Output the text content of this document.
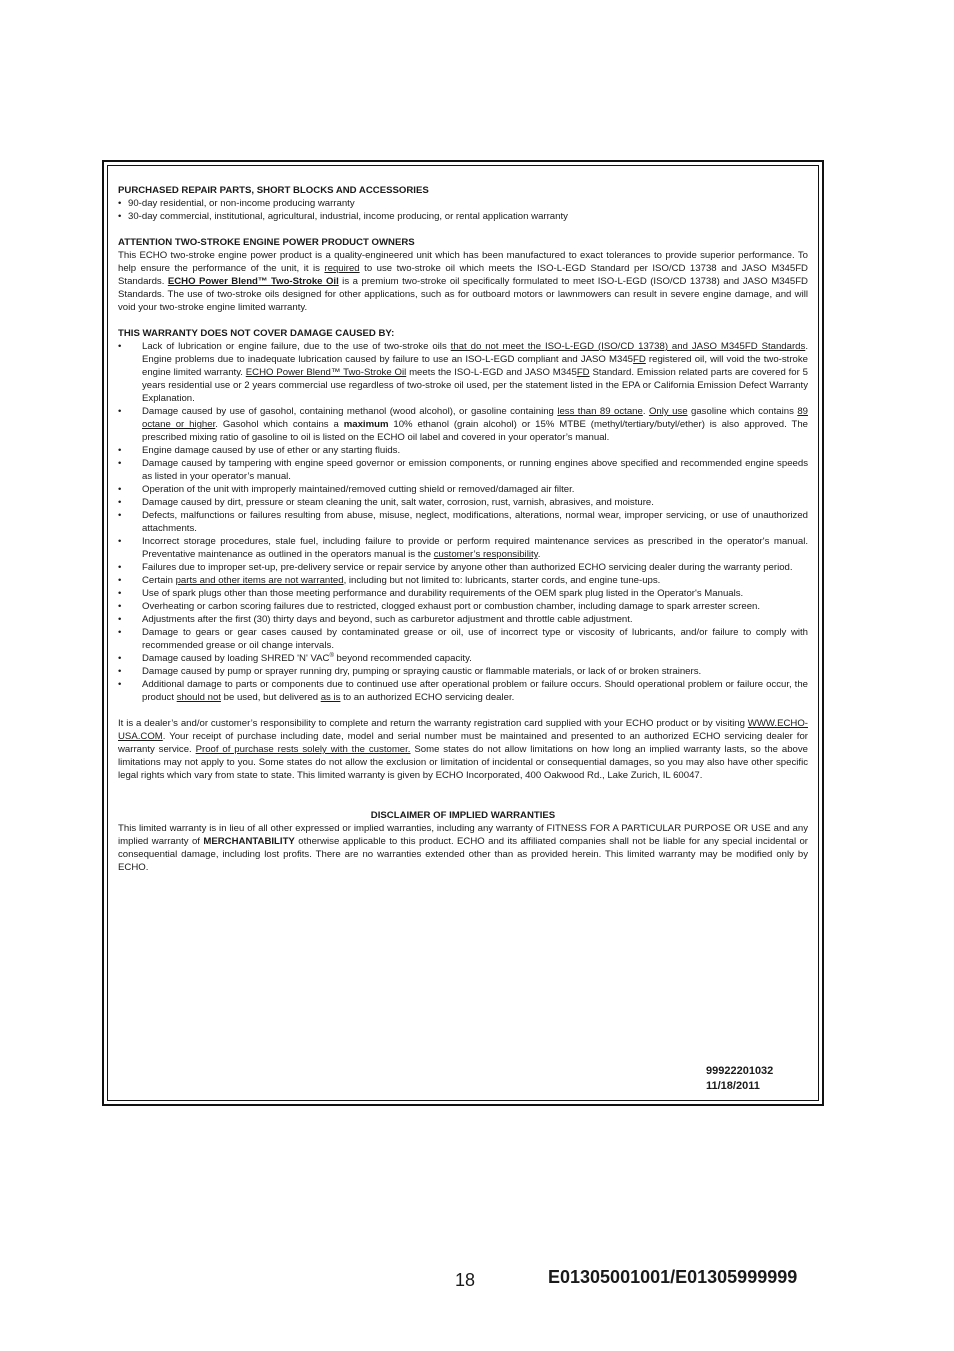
PURCHASED REPAIR PARTS, SHORT BLOCKS AND ACCESSORIES
• 90-day residential, or non-income producing warranty
• 30-day commercial, institutional, agricultural, industrial, income producing, or rental application warranty
ATTENTION TWO-STROKE ENGINE POWER PRODUCT OWNERS

This ECHO two-stroke engine power product is a quality-engineered unit which has been manufactured to exact tolerances to provide superior performance. To help ensure the performance of the unit, it is required to use two-stroke oil which meets the ISO-L-EGD Standard per ISO/CD 13738 and JASO M345FD Standards. ECHO Power Blend™ Two-Stroke Oil is a premium two-stroke oil specifically formulated to meet ISO-L-EGD (ISO/CD 13738) and JASO M345FD Standards. The use of two-stroke oils designed for other applications, such as for outboard motors or lawnmowers can result in severe engine damage, and will void your two-stroke engine limited warranty.

THIS WARRANTY DOES NOT COVER DAMAGE CAUSED BY:
• Lack of lubrication or engine failure, due to the use of two-stroke oils that do not meet the ISO-L-EGD (ISO/CD 13738) and JASO M345FD Standards. Engine problems due to inadequate lubrication caused by failure to use an ISO-L-EGD compliant and JASO M345FD registered oil, will void the two-stroke engine limited warranty. ECHO Power Blend™ Two-Stroke Oil meets the ISO-L-EGD and JASO M345FD Standard. Emission related parts are covered for 5 years residential use or 2 years commercial use regardless of two-stroke oil used, per the statement listed in the EPA or California Emission Defect Warranty Explanation.
• Damage caused by use of gasohol, containing methanol (wood alcohol), or gasoline containing less than 89 octane. Only use gasoline which contains 89 octane or higher. Gasohol which contains a maximum 10% ethanol (grain alcohol) or 15% MTBE (methyl/tertiary/butyl/ether) is also approved. The prescribed mixing ratio of gasoline to oil is listed on the ECHO oil label and covered in your operator’s manual.
• Engine damage caused by use of ether or any starting fluids.
• Damage caused by tampering with engine speed governor or emission components, or running engines above specified and recommended engine speeds as listed in your operator’s manual.
• Operation of the unit with improperly maintained/removed cutting shield or removed/damaged air filter.
• Damage caused by dirt, pressure or steam cleaning the unit, salt water, corrosion, rust, varnish, abrasives, and moisture.
• Defects, malfunctions or failures resulting from abuse, misuse, neglect, modifications, alterations, normal wear, improper servicing, or use of unauthorized attachments.
• Incorrect storage procedures, stale fuel, including failure to provide or perform required maintenance services as prescribed in the operator's manual. Preventative maintenance as outlined in the operators manual is the customer’s responsibility.
• Failures due to improper set-up, pre-delivery service or repair service by anyone other than authorized ECHO servicing dealer during the warranty period.
• Certain parts and other items are not warranted, including but not limited to: lubricants, starter cords, and engine tune-ups.
• Use of spark plugs other than those meeting performance and durability requirements of the OEM spark plug listed in the Operator's Manuals.
• Overheating or carbon scoring failures due to restricted, clogged exhaust port or combustion chamber, including damage to spark arrester screen.
• Adjustments after the first (30) thirty days and beyond, such as carburetor adjustment and throttle cable adjustment.
• Damage to gears or gear cases caused by contaminated grease or oil, use of incorrect type or viscosity of lubricants, and/or failure to comply with recommended grease or oil change intervals.
• Damage caused by loading SHRED 'N' VAC® beyond recommended capacity.
• Damage caused by pump or sprayer running dry, pumping or spraying caustic or flammable materials, or lack of or broken strainers.
• Additional damage to parts or components due to continued use after operational problem or failure occurs. Should operational problem or failure occur, the product should not be used, but delivered as is to an authorized ECHO servicing dealer.

It is a dealer’s and/or customer’s responsibility to complete and return the warranty registration card supplied with your ECHO product or by visiting WWW.ECHO-USA.COM. Your receipt of purchase including date, model and serial number must be maintained and presented to an authorized ECHO servicing dealer for warranty service. Proof of purchase rests solely with the customer. Some states do not allow limitations on how long an implied warranty lasts, so the above limitations may not apply to you. Some states do not allow the exclusion or limitation of incidental or consequential damages, so you may also have other specific legal rights which vary from state to state. This limited warranty is given by ECHO Incorporated, 400 Oakwood Rd., Lake Zurich, IL 60047.

DISCLAIMER OF IMPLIED WARRANTIES

This limited warranty is in lieu of all other expressed or implied warranties, including any warranty of FITNESS FOR A PARTICULAR PURPOSE OR USE and any implied warranty of MERCHANTABILITY otherwise applicable to this product. ECHO and its affiliated companies shall not be liable for any special incidental or consequential damage, including lost profits. There are no warranties extended other than as provided herein. This limited warranty may be modified only by ECHO.

99922201032
11/18/2011
18	E01305001001/E01305999999
